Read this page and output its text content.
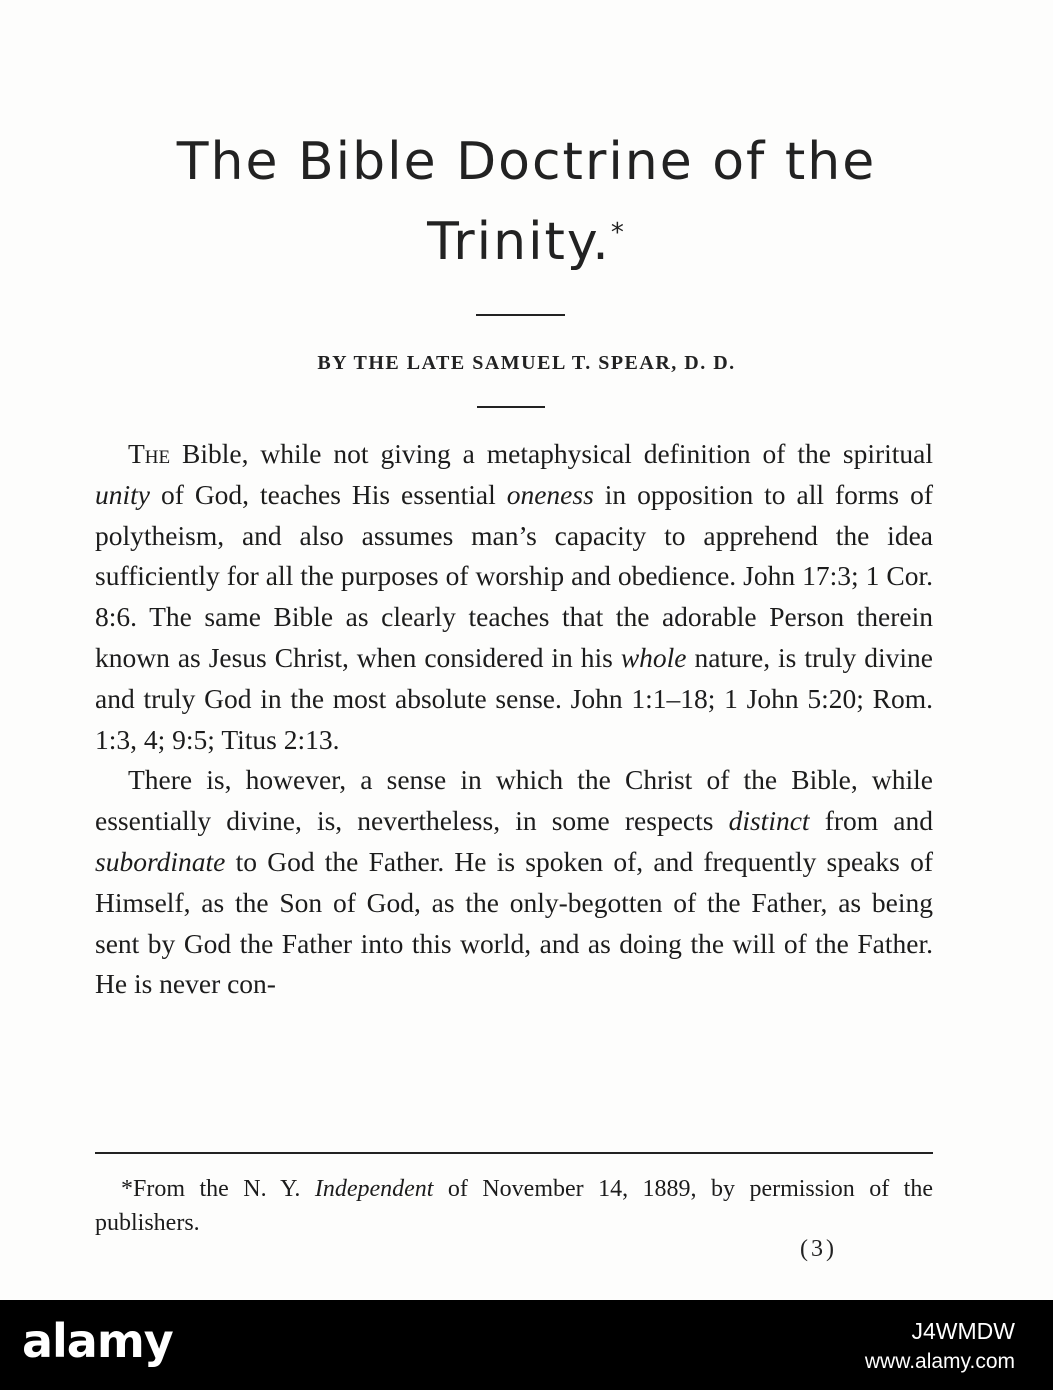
The Bible Doctrine of the
Trinity.*

BY THE LATE SAMUEL T. SPEAR, D. D.

The Bible, while not giving a metaphysical definition of the spiritual unity of God, teaches His essential oneness in opposition to all forms of polytheism, and also assumes man’s capacity to apprehend the idea sufficiently for all the purposes of worship and obedience. John 17:3; 1 Cor. 8:6. The same Bible as clearly teaches that the adorable Person therein known as Jesus Christ, when considered in his whole nature, is truly divine and truly God in the most absolute sense. John 1:1–18; 1 John 5:20; Rom. 1:3, 4; 9:5; Titus 2:13.

There is, however, a sense in which the Christ of the Bible, while essentially divine, is, nevertheless, in some respects distinct from and subordinate to God the Father. He is spoken of, and frequently speaks of Himself, as the Son of God, as the only-begotten of the Father, as being sent by God the Father into this world, and as doing the will of the Father. He is never con-

*From the N. Y. Independent of November 14, 1889, by permission of the publishers.

(3)
alamy	J4WMDW
www.alamy.com
